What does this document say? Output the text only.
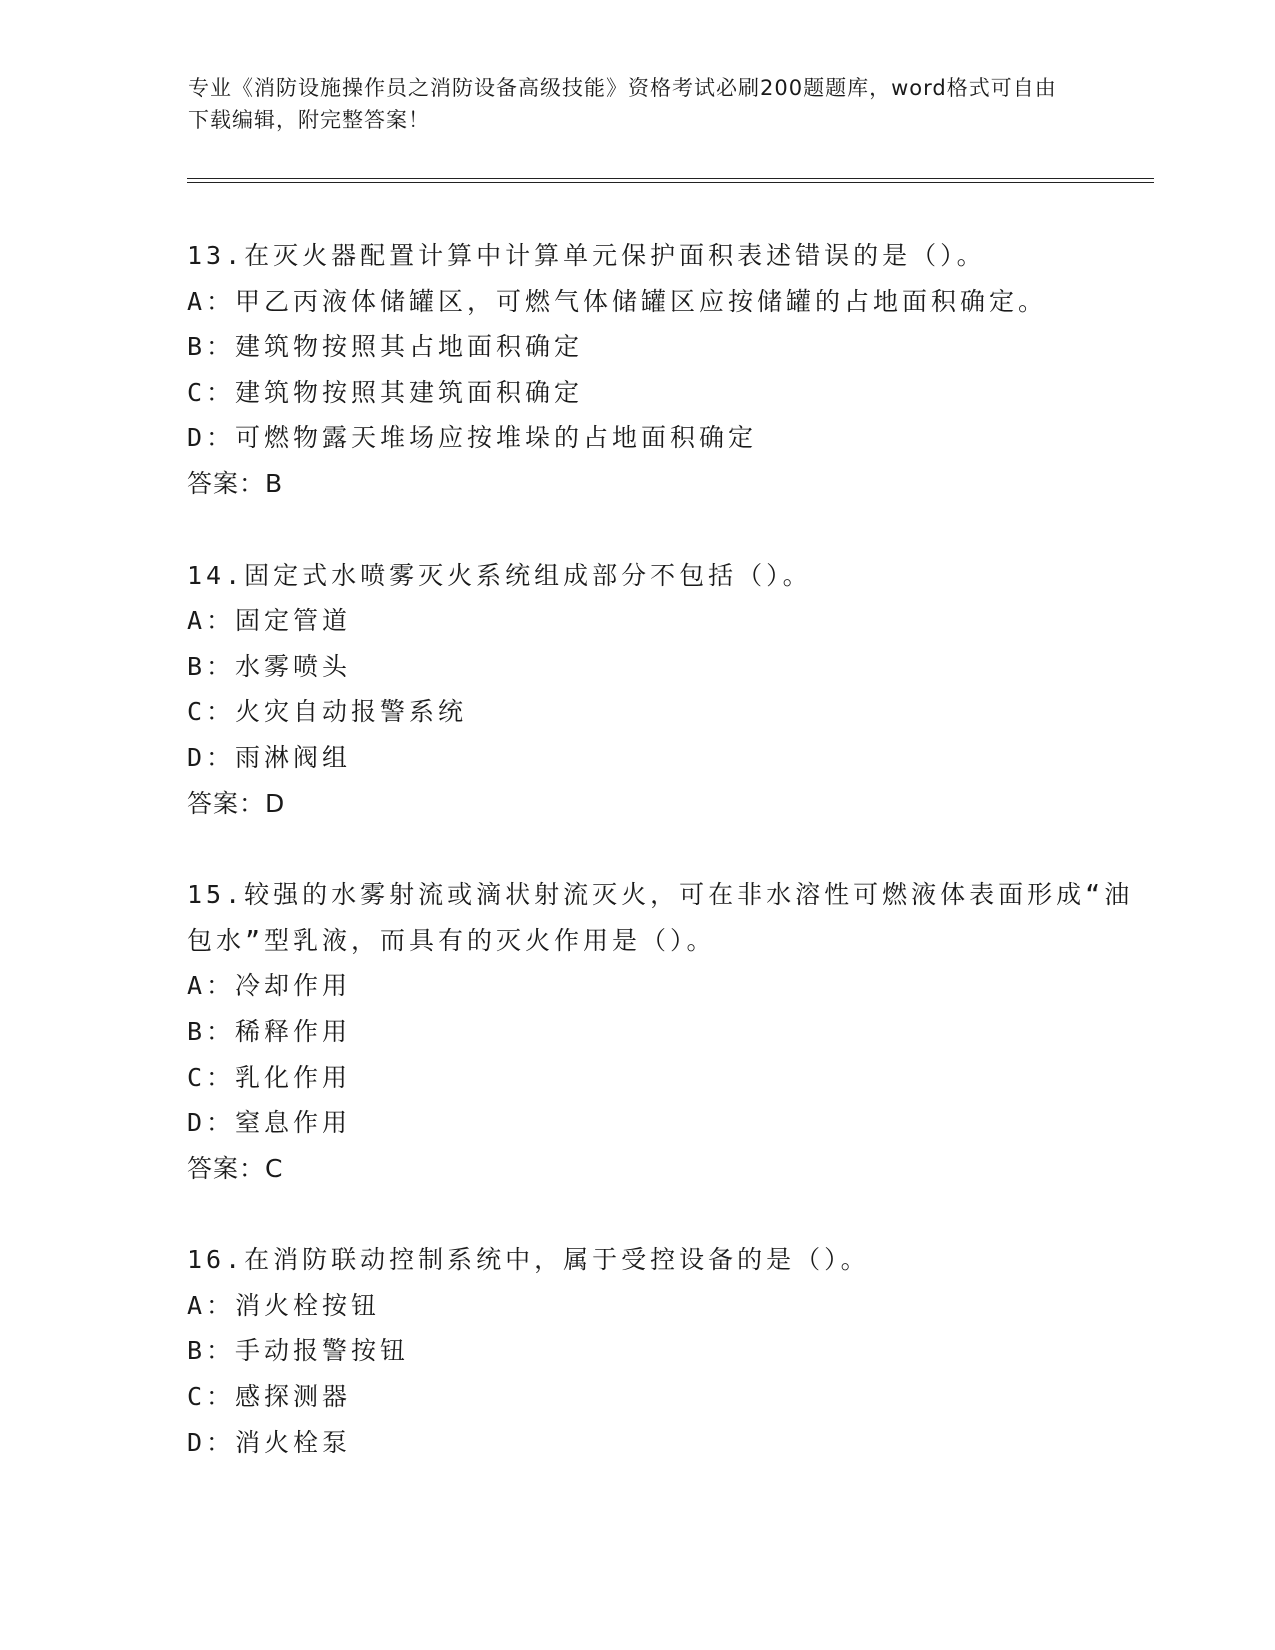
专业《消防设施操作员之消防设备高级技能》资格考试必刷200题题库，word格式可自由下载编辑，附完整答案！

13.在灭火器配置计算中计算单元保护面积表述错误的是（）。

A：甲乙丙液体储罐区，可燃气体储罐区应按储罐的占地面积确定。

B：建筑物按照其占地面积确定

C：建筑物按照其建筑面积确定

D：可燃物露天堆场应按堆垛的占地面积确定

答案：B

14.固定式水喷雾灭火系统组成部分不包括（）。

A：固定管道

B：水雾喷头

C：火灾自动报警系统

D：雨淋阀组

答案：D

15.较强的水雾射流或滴状射流灭火，可在非水溶性可燃液体表面形成“油包水”型乳液，而具有的灭火作用是（）。

A：冷却作用

B：稀释作用

C：乳化作用

D：窒息作用

答案：C

16.在消防联动控制系统中，属于受控设备的是（）。

A：消火栓按钮

B：手动报警按钮

C：感探测器

D：消火栓泵
